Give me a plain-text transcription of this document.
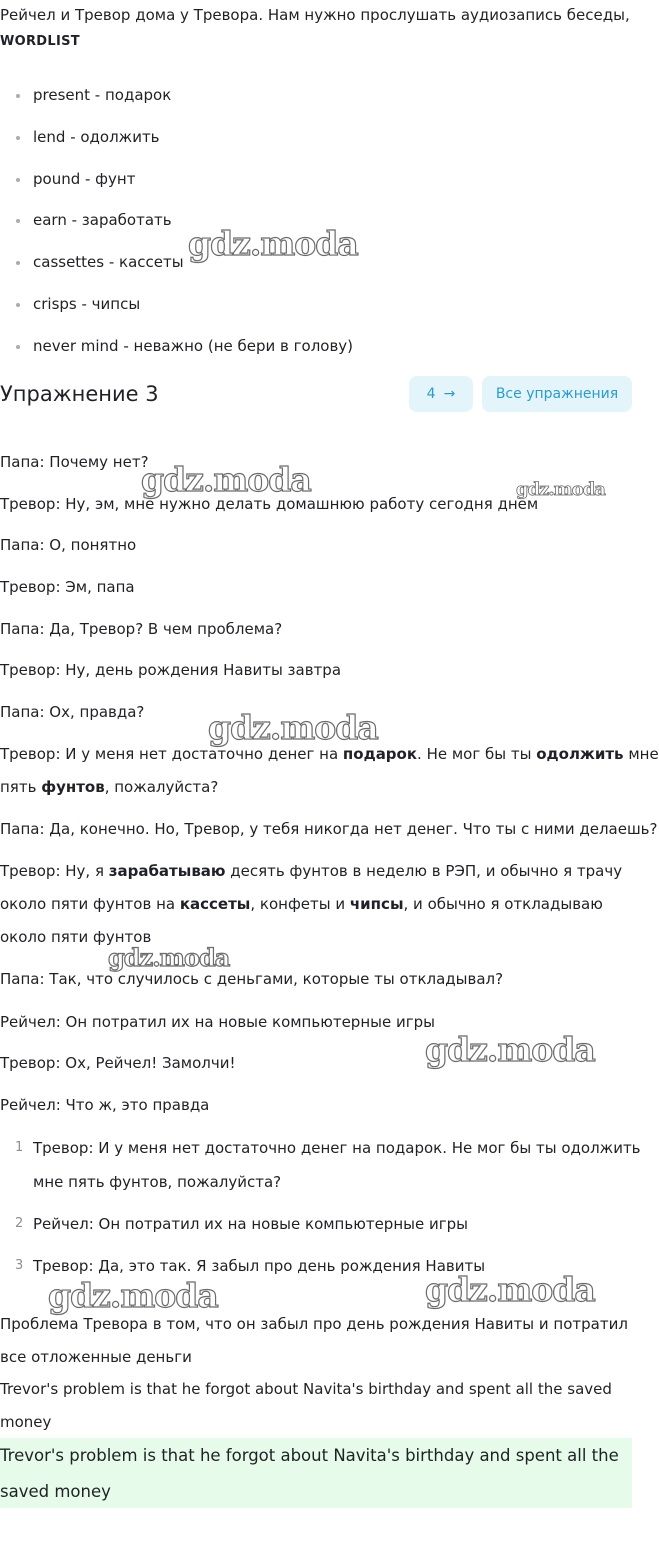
Рейчел и Тревор дома у Тревора. Нам нужно прослушать аудиозапись беседы,
WORDLIST
present - подарок
lend - одолжить
pound - фунт
earn - заработать
cassettes - кассеты
crisps - чипсы
never mind - неважно (не бери в голову)
Упражнение 3	4 →	Все упражнения
Папа: Почему нет?
Тревор: Ну, эм, мне нужно делать домашнюю работу сегодня днем
Папа: О, понятно
Тревор: Эм, папа
Папа: Да, Тревор? В чем проблема?
Тревор: Ну, день рождения Навиты завтра
Папа: Ох, правда?
Тревор: И у меня нет достаточно денег на подарок. Не мог бы ты одолжить мне
пять фунтов, пожалуйста?
Папа: Да, конечно. Но, Тревор, у тебя никогда нет денег. Что ты с ними делаешь?
Тревор: Ну, я зарабатываю десять фунтов в неделю в РЭП, и обычно я трачу
около пяти фунтов на кассеты, конфеты и чипсы, и обычно я откладываю
около пяти фунтов
Папа: Так, что случилось с деньгами, которые ты откладывал?
Рейчел: Он потратил их на новые компьютерные игры
Тревор: Ох, Рейчел! Замолчи!
Рейчел: Что ж, это правда
1 Тревор: И у меня нет достаточно денег на подарок. Не мог бы ты одолжить
мне пять фунтов, пожалуйста?
2 Рейчел: Он потратил их на новые компьютерные игры
3 Тревор: Да, это так. Я забыл про день рождения Навиты
Проблема Тревора в том, что он забыл про день рождения Навиты и потратил
все отложенные деньги
Trevor's problem is that he forgot about Navita's birthday and spent all the saved
money
Trevor's problem is that he forgot about Navita's birthday and spent all the
saved money
gdz.moda
gdz.moda	gdz.moda
gdz.moda
gdz.moda
gdz.moda
gdz.moda	gdz.moda
